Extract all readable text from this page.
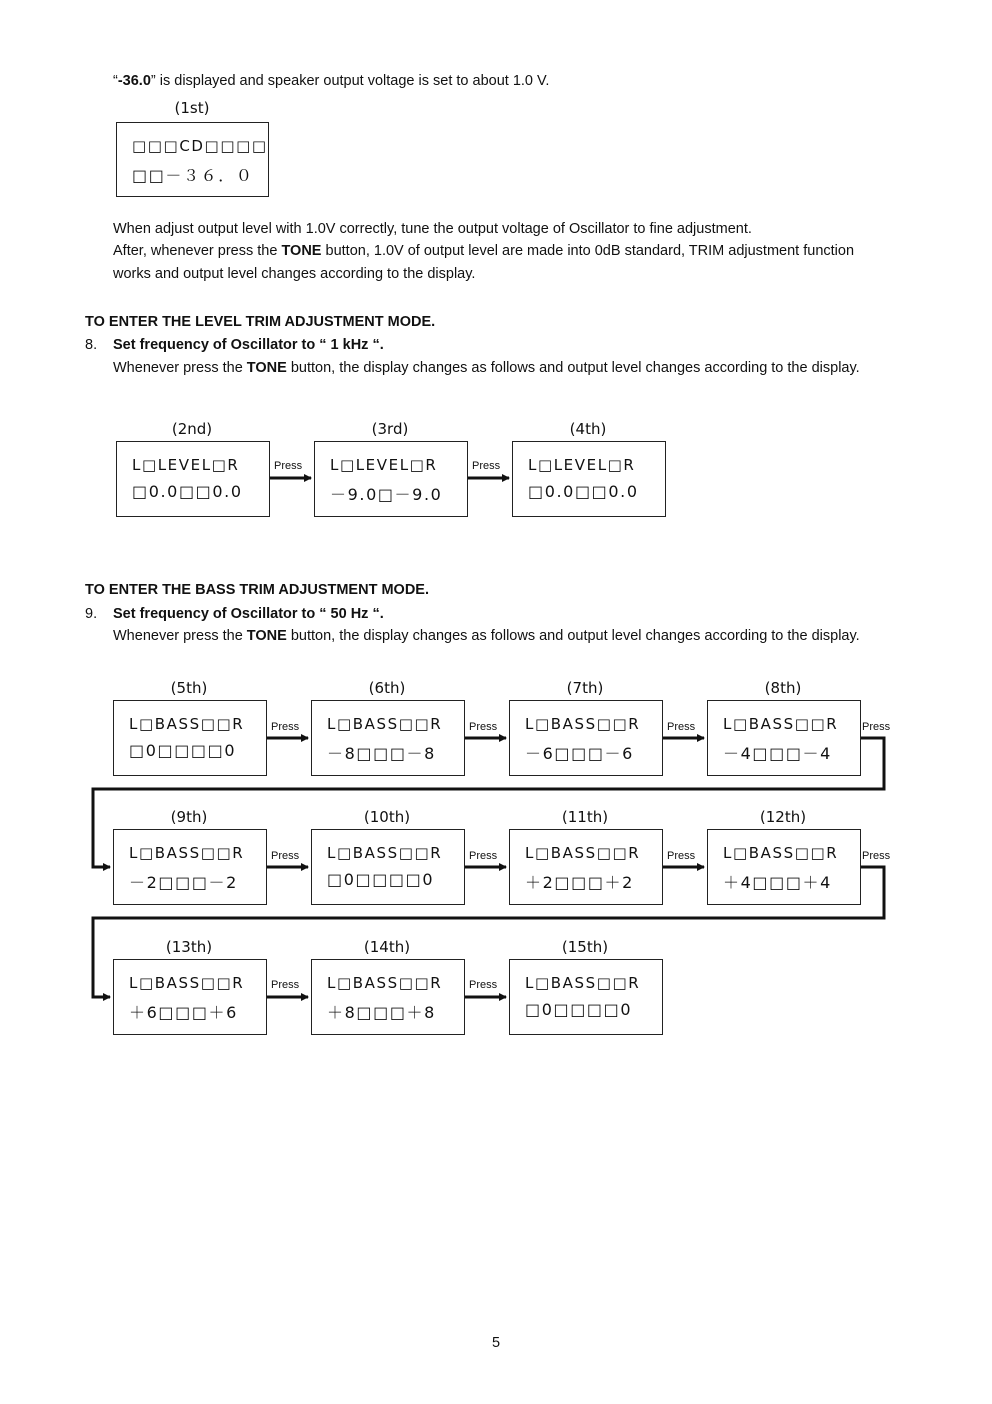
“-36.0” is displayed and speaker output voltage is set to about 1.0 V.
(1st)
□□□CD□□□□
□□－３６．０
When adjust output level with 1.0V correctly, tune the output voltage of Oscillator to fine adjustment.
After, whenever press the TONE button, 1.0V of output level are made into 0dB standard, TRIM adjustment function
works and output level changes according to the display.
TO ENTER THE LEVEL TRIM ADJUSTMENT MODE.
8. Set frequency of Oscillator to “ 1 kHz “.
Whenever press the TONE button, the display changes as follows and output level changes according to the display.
(2nd)
L□LEVEL□R
□0.0□□0.0
(3rd)
L□LEVEL□R
－9.0□－9.0
(4th)
L□LEVEL□R
□0.0□□0.0
Press	Press
TO ENTER THE BASS TRIM ADJUSTMENT MODE.
9. Set frequency of Oscillator to “ 50 Hz “.
Whenever press the TONE button, the display changes as follows and output level changes according to the display.
(5th)
L□BASS□□R
□0□□□□0
(6th)
L□BASS□□R
－8□□□－8
(7th)
L□BASS□□R
－6□□□－6
(8th)
L□BASS□□R
－4□□□－4
(9th)
L□BASS□□R
－2□□□－2
(10th)
L□BASS□□R
□0□□□□0
(11th)
L□BASS□□R
＋2□□□＋2
(12th)
L□BASS□□R
＋4□□□＋4
(13th)
L□BASS□□R
＋6□□□＋6
(14th)
L□BASS□□R
＋8□□□＋8
(15th)
L□BASS□□R
□0□□□□0
Press	Press	Press	Press
Press	Press	Press	Press
Press	Press
5
